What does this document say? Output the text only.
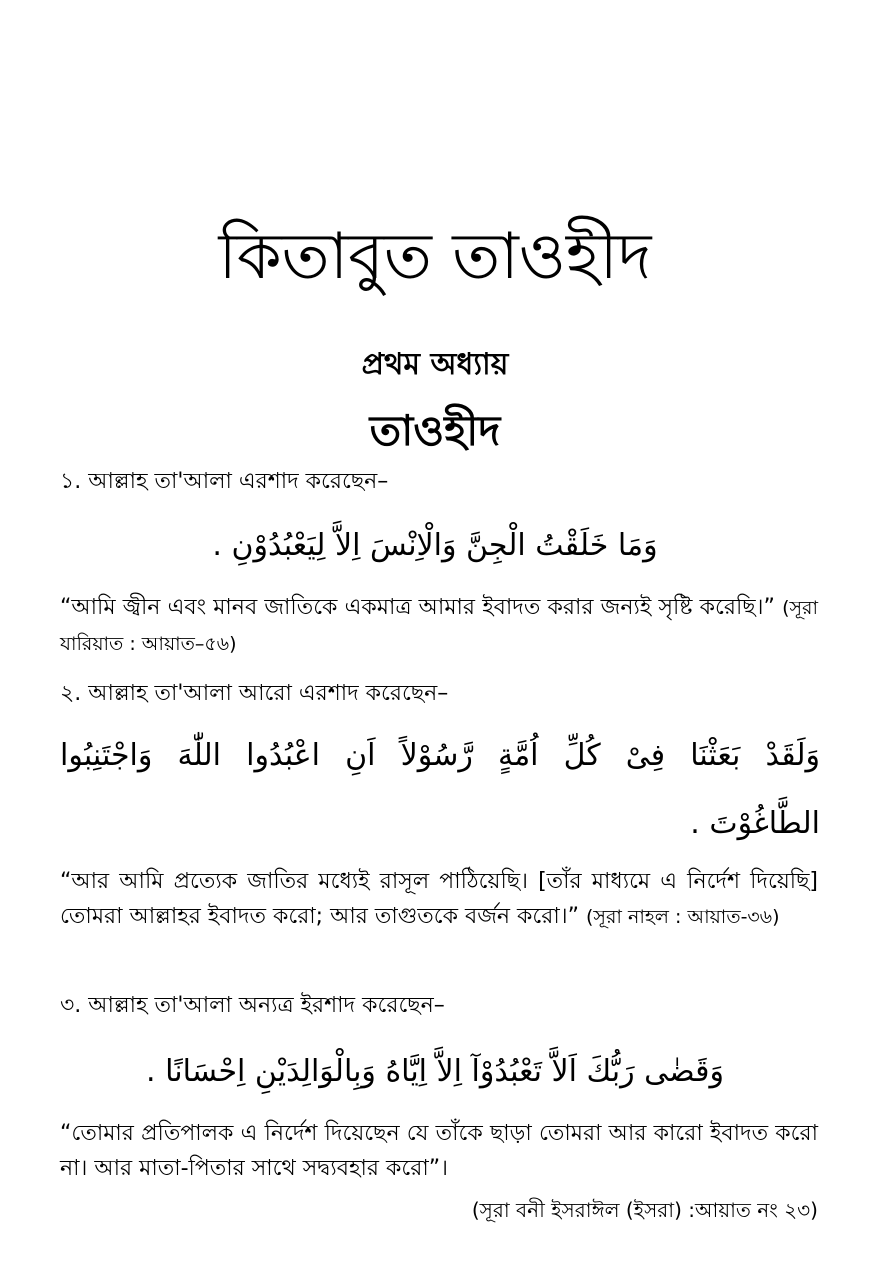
কিতাবুত তাওহীদ
প্রথম অধ্যায়
তাওহীদ
১. আল্লাহ তা'আলা এরশাদ করেছেন–
وَمَا خَلَقْتُ الْجِنَّ وَالْاِنْسَ اِلاَّ لِيَعْبُدُوْنِ .
“আমি জ্বীন এবং মানব জাতিকে একমাত্র আমার ইবাদত করার জন্যই সৃষ্টি করেছি।” (সূরা যারিয়াত : আয়াত–৫৬)
২. আল্লাহ তা'আলা আরো এরশাদ করেছেন–
وَلَقَدْ بَعَثْنَا فِىْ كُلِّ اُمَّةٍ رَّسُوْلاً اَنِ اعْبُدُوا اللّٰهَ وَاجْتَنِبُوا
الطَّاغُوْتَ .
“আর আমি প্রত্যেক জাতির মধ্যেই রাসূল পাঠিয়েছি। [তাঁর মাধ্যমে এ নির্দেশ দিয়েছি] তোমরা আল্লাহর ইবাদত করো; আর তাগুতকে বর্জন করো।” (সূরা নাহল : আয়াত-৩৬)
৩. আল্লাহ তা'আলা অন্যত্র ইরশাদ করেছেন–
وَقَضٰى رَبُّكَ اَلاَّ تَعْبُدُوْآ اِلاَّ اِيَّاهُ وَبِالْوَالِدَيْنِ اِحْسَانًا .
“তোমার প্রতিপালক এ নির্দেশ দিয়েছেন যে তাঁকে ছাড়া তোমরা আর কারো ইবাদত করো না। আর মাতা-পিতার সাথে সদ্ব্যবহার করো”।
(সূরা বনী ইসরাঈল (ইসরা) :আয়াত নং ২৩)
